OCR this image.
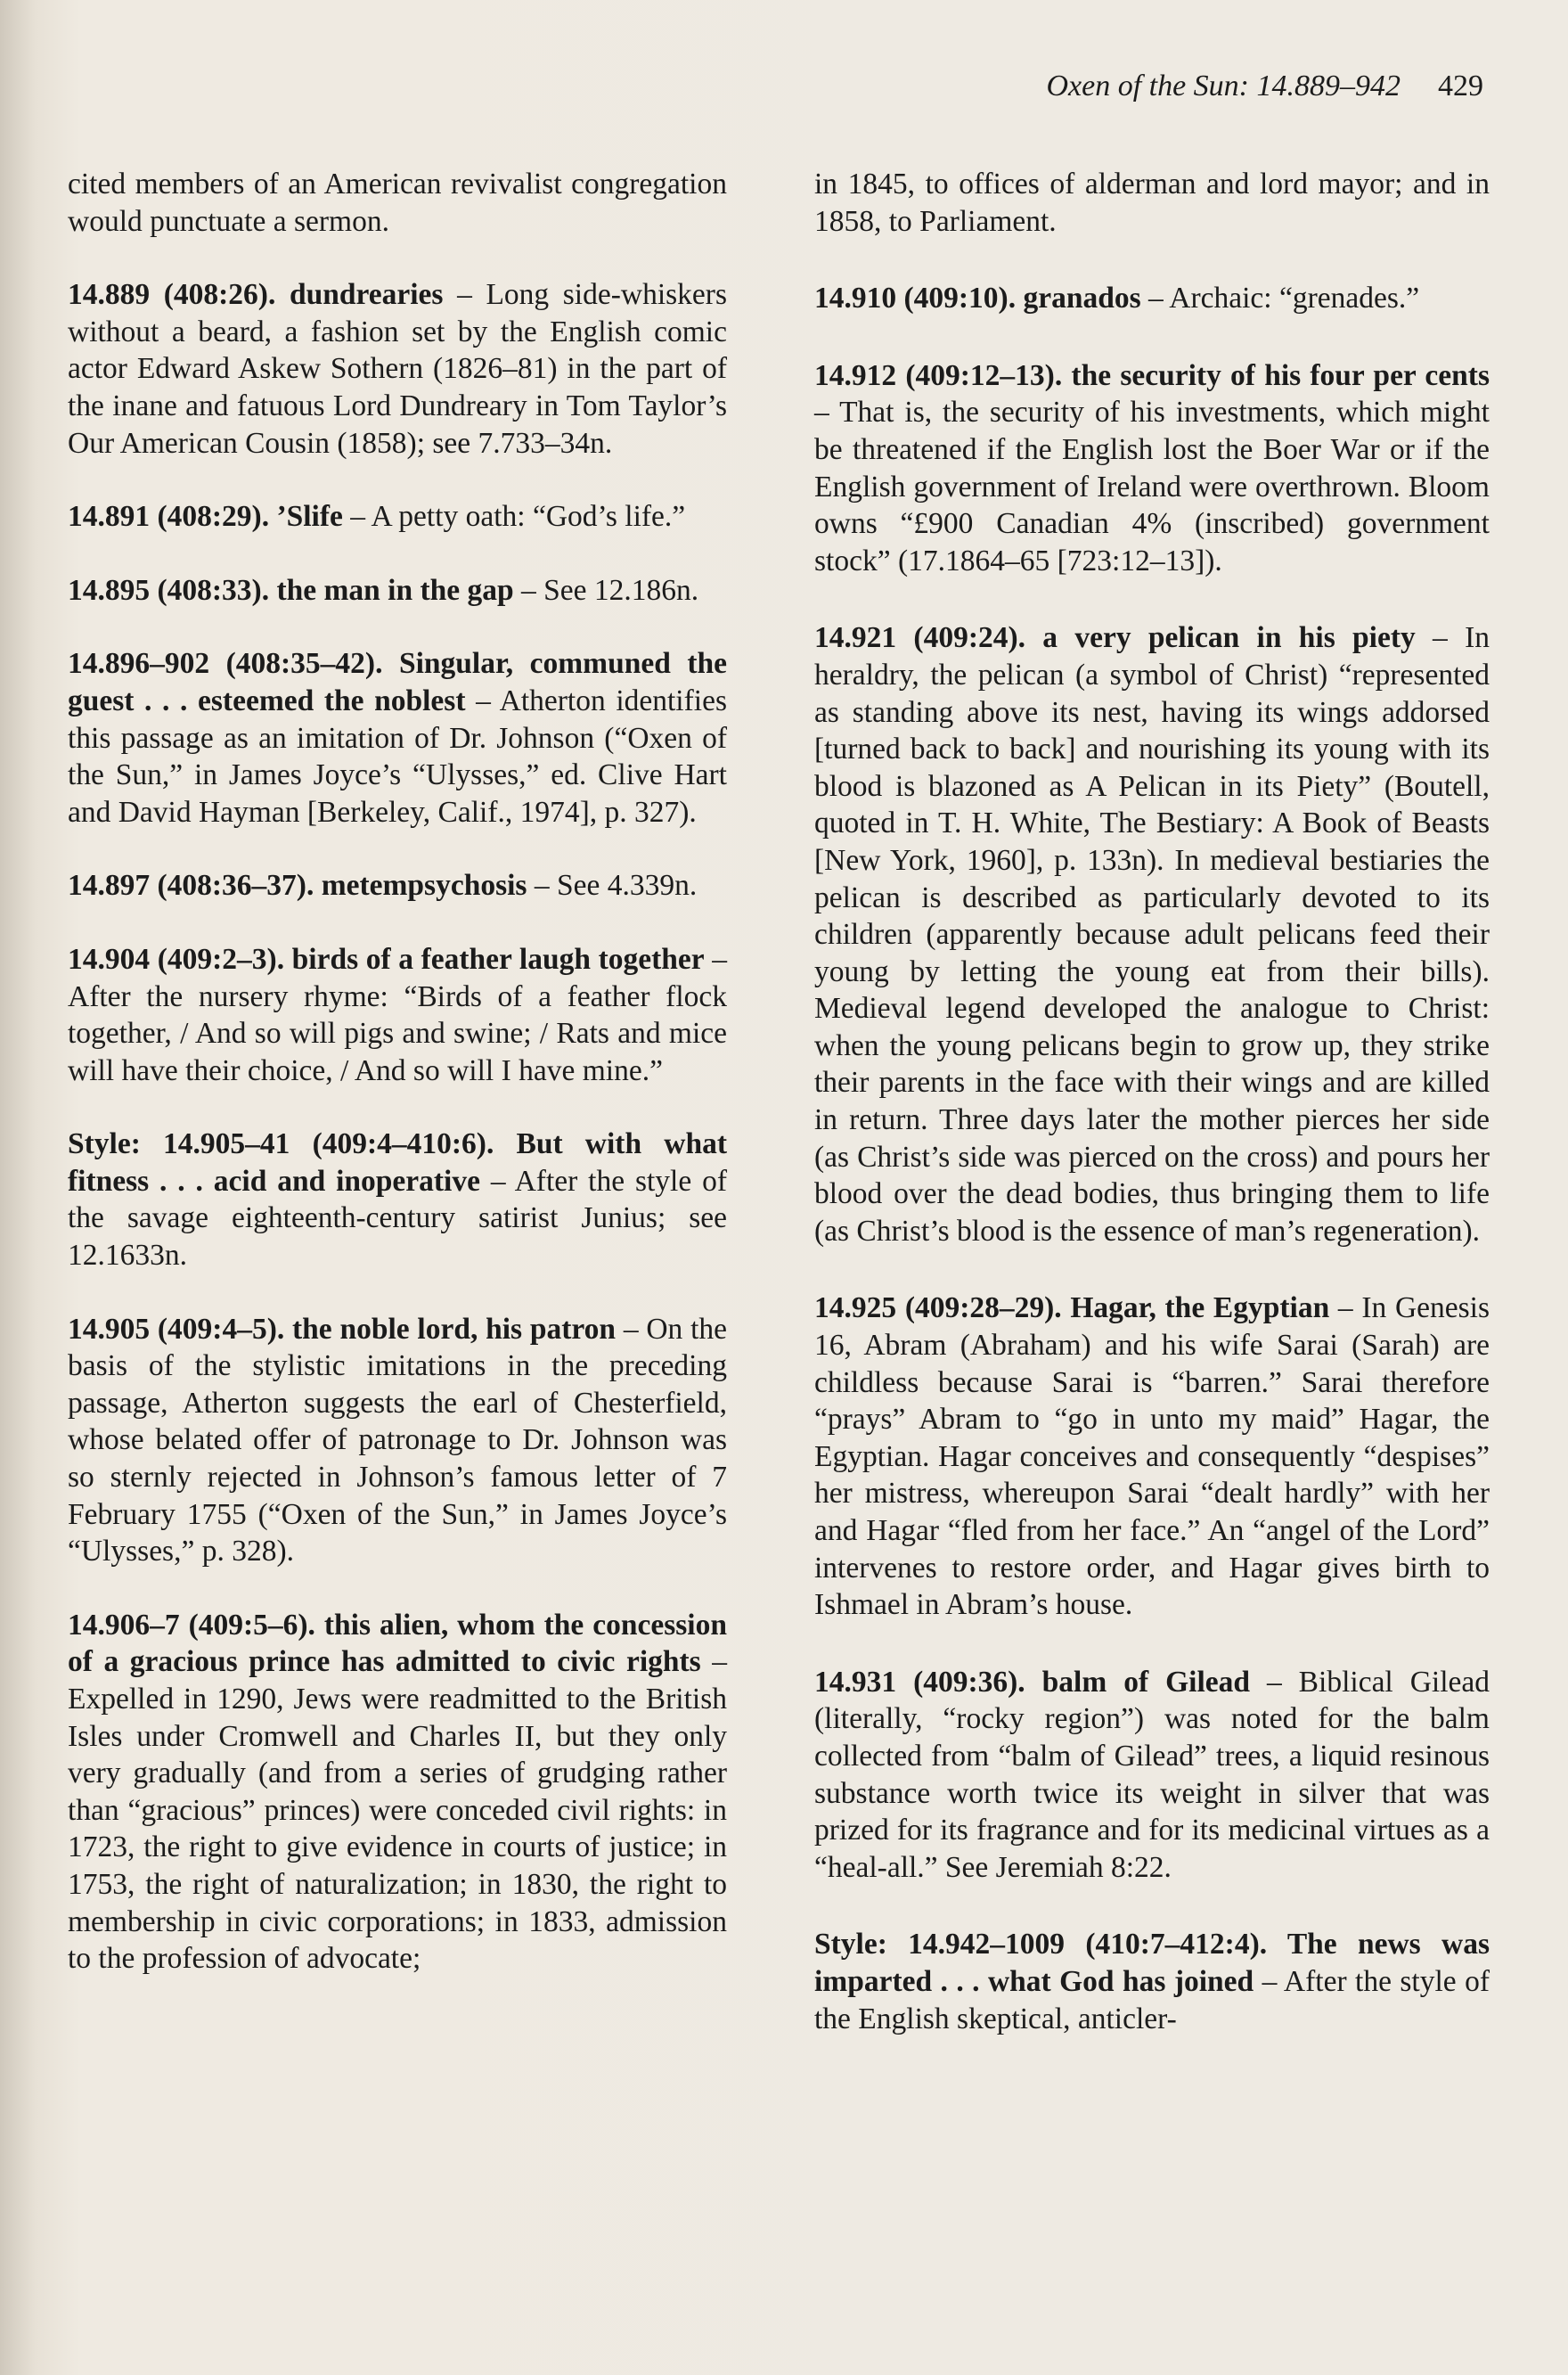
Oxen of the Sun: 14.889–942 429

cited members of an American revivalist congregation would punctuate a sermon.

14.889 (408:26). dundrearies – Long side-whiskers without a beard, a fashion set by the English comic actor Edward Askew Sothern (1826–81) in the part of the inane and fatuous Lord Dundreary in Tom Taylor’s Our American Cousin (1858); see 7.733–34n.

14.891 (408:29). ’Slife – A petty oath: “God’s life.”

14.895 (408:33). the man in the gap – See 12.186n.

14.896–902 (408:35–42). Singular, communed the guest . . . esteemed the noblest – Atherton identifies this passage as an imitation of Dr. Johnson (“Oxen of the Sun,” in James Joyce’s “Ulysses,” ed. Clive Hart and David Hayman [Berkeley, Calif., 1974], p. 327).

14.897 (408:36–37). metempsychosis – See 4.339n.

14.904 (409:2–3). birds of a feather laugh together – After the nursery rhyme: “Birds of a feather flock together, / And so will pigs and swine; / Rats and mice will have their choice, / And so will I have mine.”

Style: 14.905–41 (409:4–410:6). But with what fitness . . . acid and inoperative – After the style of the savage eighteenth-century satirist Junius; see 12.1633n.

14.905 (409:4–5). the noble lord, his patron – On the basis of the stylistic imitations in the preceding passage, Atherton suggests the earl of Chesterfield, whose belated offer of patronage to Dr. Johnson was so sternly rejected in Johnson’s famous letter of 7 February 1755 (“Oxen of the Sun,” in James Joyce’s “Ulysses,” p. 328).

14.906–7 (409:5–6). this alien, whom the concession of a gracious prince has admitted to civic rights – Expelled in 1290, Jews were readmitted to the British Isles under Cromwell and Charles II, but they only very gradually (and from a series of grudging rather than “gracious” princes) were conceded civil rights: in 1723, the right to give evidence in courts of justice; in 1753, the right of naturalization; in 1830, the right to membership in civic corporations; in 1833, admission to the profession of advocate;

in 1845, to offices of alderman and lord mayor; and in 1858, to Parliament.

14.910 (409:10). granados – Archaic: “grenades.”

14.912 (409:12–13). the security of his four per cents – That is, the security of his investments, which might be threatened if the English lost the Boer War or if the English government of Ireland were overthrown. Bloom owns “£900 Canadian 4% (inscribed) government stock” (17.1864–65 [723:12–13]).

14.921 (409:24). a very pelican in his piety – In heraldry, the pelican (a symbol of Christ) “represented as standing above its nest, having its wings addorsed [turned back to back] and nourishing its young with its blood is blazoned as A Pelican in its Piety” (Boutell, quoted in T. H. White, The Bestiary: A Book of Beasts [New York, 1960], p. 133n). In medieval bestiaries the pelican is described as particularly devoted to its children (apparently because adult pelicans feed their young by letting the young eat from their bills). Medieval legend developed the analogue to Christ: when the young pelicans begin to grow up, they strike their parents in the face with their wings and are killed in return. Three days later the mother pierces her side (as Christ’s side was pierced on the cross) and pours her blood over the dead bodies, thus bringing them to life (as Christ’s blood is the essence of man’s regeneration).

14.925 (409:28–29). Hagar, the Egyptian – In Genesis 16, Abram (Abraham) and his wife Sarai (Sarah) are childless because Sarai is “barren.” Sarai therefore “prays” Abram to “go in unto my maid” Hagar, the Egyptian. Hagar conceives and consequently “despises” her mistress, whereupon Sarai “dealt hardly” with her and Hagar “fled from her face.” An “angel of the Lord” intervenes to restore order, and Hagar gives birth to Ishmael in Abram’s house.

14.931 (409:36). balm of Gilead – Biblical Gilead (literally, “rocky region”) was noted for the balm collected from “balm of Gilead” trees, a liquid resinous substance worth twice its weight in silver that was prized for its fragrance and for its medicinal virtues as a “heal-all.” See Jeremiah 8:22.

Style: 14.942–1009 (410:7–412:4). The news was imparted . . . what God has joined – After the style of the English skeptical, anticler-
